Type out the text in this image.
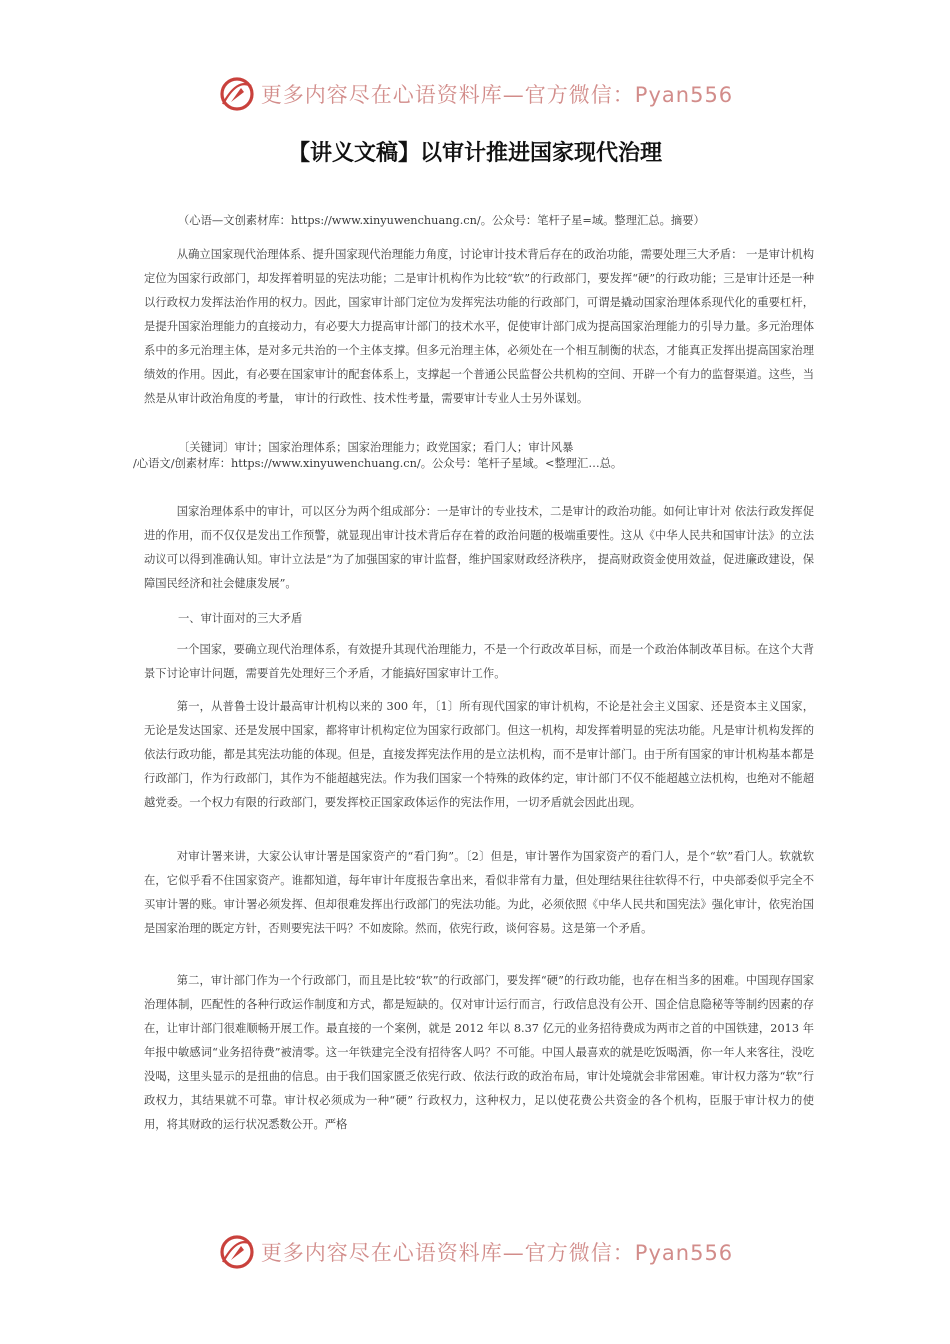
更多内容尽在心语资料库—官方微信：Pyan556
【讲义文稿】以审计推进国家现代治理

（心语—文创素材库：https://www.xinyuwenchuang.cn/。公众号：笔杆子星=域。整理汇总。摘要）

从确立国家现代治理体系、提升国家现代治理能力角度，讨论审计技术背后存在的政治功能，需要处理三大矛盾： 一是审计机构定位为国家行政部门，却发挥着明显的宪法功能；二是审计机构作为比较“软”的行政部门，要发挥“硬”的行政功能；三是审计还是一种以行政权力发挥法治作用的权力。因此，国家审计部门定位为发挥宪法功能的行政部门，可谓是撬动国家治理体系现代化的重要杠杆，是提升国家治理能力的直接动力，有必要大力提高审计部门的技术水平，促使审计部门成为提高国家治理能力的引导力量。多元治理体系中的多元治理主体，是对多元共治的一个主体支撑。但多元治理主体，必须处在一个相互制衡的状态，才能真正发挥出提高国家治理绩效的作用。因此，有必要在国家审计的配套体系上，支撑起一个普通公民监督公共机构的空间、开辟一个有力的监督渠道。这些，当然是从审计政治角度的考量， 审计的行政性、技术性考量，需要审计专业人士另外谋划。

〔关键词〕审计；国家治理体系；国家治理能力；政党国家；看门人；审计风暴

/心语文/创素材库：https://www.xinyuwenchuang.cn/。公众号：笔杆子星域。<整理汇…总。

国家治理体系中的审计，可以区分为两个组成部分：一是审计的专业技术，二是审计的政治功能。如何让审计对 依法行政发挥促进的作用，而不仅仅是发出工作预警，就显现出审计技术背后存在着的政治问题的极端重要性。这从《中华人民共和国审计法》的立法动议可以得到准确认知。审计立法是“为了加强国家的审计监督，维护国家财政经济秩序， 提高财政资金使用效益，促进廉政建设，保障国民经济和社会健康发展”。

一、审计面对的三大矛盾

一个国家，要确立现代治理体系，有效提升其现代治理能力，不是一个行政改革目标，而是一个政治体制改革目标。在这个大背景下讨论审计问题，需要首先处理好三个矛盾，才能搞好国家审计工作。

第一，从普鲁士设计最高审计机构以来的 300 年，〔1〕所有现代国家的审计机构，不论是社会主义国家、还是资本主义国家，无论是发达国家、还是发展中国家，都将审计机构定位为国家行政部门。但这一机构，却发挥着明显的宪法功能。凡是审计机构发挥的依法行政功能，都是其宪法功能的体现。但是，直接发挥宪法作用的是立法机构，而不是审计部门。由于所有国家的审计机构基本都是行政部门，作为行政部门，其作为不能超越宪法。作为我们国家一个特殊的政体约定，审计部门不仅不能超越立法机构，也绝对不能超越党委。一个权力有限的行政部门，要发挥校正国家政体运作的宪法作用，一切矛盾就会因此出现。

对审计署来讲，大家公认审计署是国家资产的“看门狗”。〔2〕但是，审计署作为国家资产的看门人，是个“软”看门人。软就软在，它似乎看不住国家资产。谁都知道，每年审计年度报告拿出来，看似非常有力量，但处理结果往往软得不行，中央部委似乎完全不买审计署的账。审计署必须发挥、但却很难发挥出行政部门的宪法功能。为此，必须依照《中华人民共和国宪法》强化审计，依宪治国是国家治理的既定方针，否则要宪法干吗？不如废除。然而，依宪行政，谈何容易。这是第一个矛盾。

第二，审计部门作为一个行政部门，而且是比较“软”的行政部门，要发挥“硬”的行政功能，也存在相当多的困难。中国现存国家治理体制，匹配性的各种行政运作制度和方式，都是短缺的。仅对审计运行而言，行政信息没有公开、国企信息隐秘等等制约因素的存在，让审计部门很难顺畅开展工作。最直接的一个案例，就是 2012 年以 8.37 亿元的业务招待费成为两市之首的中国铁建，2013 年年报中敏感词“业务招待费”被清零。这一年铁建完全没有招待客人吗？不可能。中国人最喜欢的就是吃饭喝酒，你一年人来客往，没吃没喝，这里头显示的是扭曲的信息。由于我们国家匮乏依宪行政、依法行政的政治布局，审计处境就会非常困难。审计权力落为“软”行政权力，其结果就不可靠。审计权必须成为一种“硬” 行政权力，这种权力，足以使花费公共资金的各个机构，臣服于审计权力的使用，将其财政的运行状况悉数公开。严格

更多内容尽在心语资料库—官方微信：Pyan556
